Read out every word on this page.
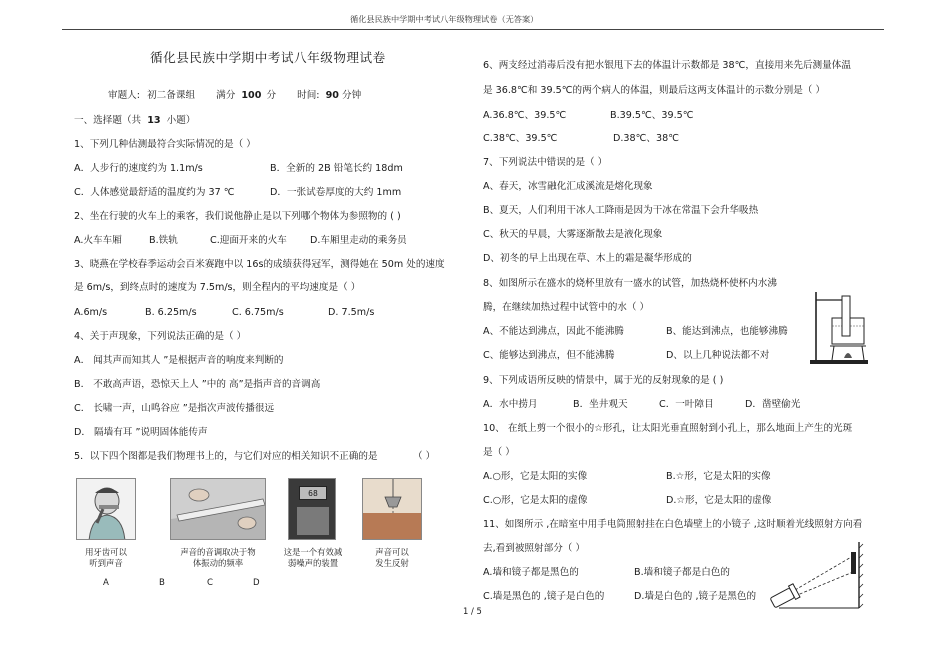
循化县民族中学期中考试八年级物理试卷（无答案）
循化县民族中学期中考试八年级物理试卷
审题人: 初二备课组 满分 100 分 时间: 90 分钟
一、选择题（共 13 小题）
1、下列几种估测最符合实际情况的是（ ）
A．人步行的速度约为 1.1m/s	B．全新的 2B 铅笔长约 18dm
C．人体感觉最舒适的温度约为 37 ℃	D．一张试卷厚度的大约 1mm
2、坐在行驶的火车上的乘客，我们说他静止是以下列哪个物体为参照物的 ( )
A.火车车厢	B.铁轨	C.迎面开来的火车 D.车厢里走动的乘务员
3、晓燕在学校春季运动会百米赛跑中以 16s的成绩获得冠军，测得她在 50m 处的速度
是 6m/s，到终点时的速度为 7.5m/s，则全程内的平均速度是（ ）
A.6m/s	B. 6.25m/s	C. 6.75m/s	D. 7.5m/s
4、关于声现象，下列说法正确的是（ ）
A． 闻其声而知其人 ”是根据声音的响度来判断的
B． 不敢高声语，恐惊天上人 ”中的 高”是指声音的音调高
C． 长啸一声，山鸣谷应 ”是指次声波传播很远
D． 隔墙有耳 ”说明固体能传声
5．以下四个图都是我们物理书上的，与它们对应的相关知识不正确的是	（ ）
用牙齿可以
听到声音
A
声音的音调取决于物
体振动的频率
B
68
这是一个有效减
弱噪声的装置
C
声音可以
发生反射
D
6、两支经过消毒后没有把水银甩下去的体温计示数都是 38℃，直接用来先后测量体温
是 36.8℃和 39.5℃的两个病人的体温，则最后这两支体温计的示数分别是（ ）
A.36.8℃、39.5℃	B.39.5℃、39.5℃
C.38℃、39.5℃	D.38℃、38℃
7、下列说法中错误的是（ ）
A、春天，冰雪融化汇成溪流是熔化现象
B、夏天，人们利用干冰人工降雨是因为干冰在常温下会升华吸热
C、秋天的早晨，大雾逐渐散去是液化现象
D、初冬的早上出现在草、木上的霜是凝华形成的
8、如图所示在盛水的烧杯里放有一盛水的试管，加热烧杯使杯内水沸
腾，在继续加热过程中试管中的水（ ）
A、不能达到沸点，因此不能沸腾	B、能达到沸点，也能够沸腾
C、能够达到沸点，但不能沸腾	D、以上几种说法都不对
9、下列成语所反映的情景中，属于光的反射现象的是 ( )
A．水中捞月	B．坐井观天	C．一叶障目	D．凿壁偷光
10、 在纸上剪一个很小的☆形孔，让太阳光垂直照射到小孔上，那么地面上产生的光斑
是（ ）
A.○形，它是太阳的实像	B.☆形，它是太阳的实像
C.○形，它是太阳的虚像	D.☆形，它是太阳的虚像
11、如图所示 ,在暗室中用手电筒照射挂在白色墙壁上的小镜子 ,这时顺着光线照射方向看
去,看到被照射部分（ ）
A.墙和镜子都是黑色的	B.墙和镜子都是白色的
C.墙是黑色的 ,镜子是白色的	D.墙是白色的 ,镜子是黑色的
1 / 5
